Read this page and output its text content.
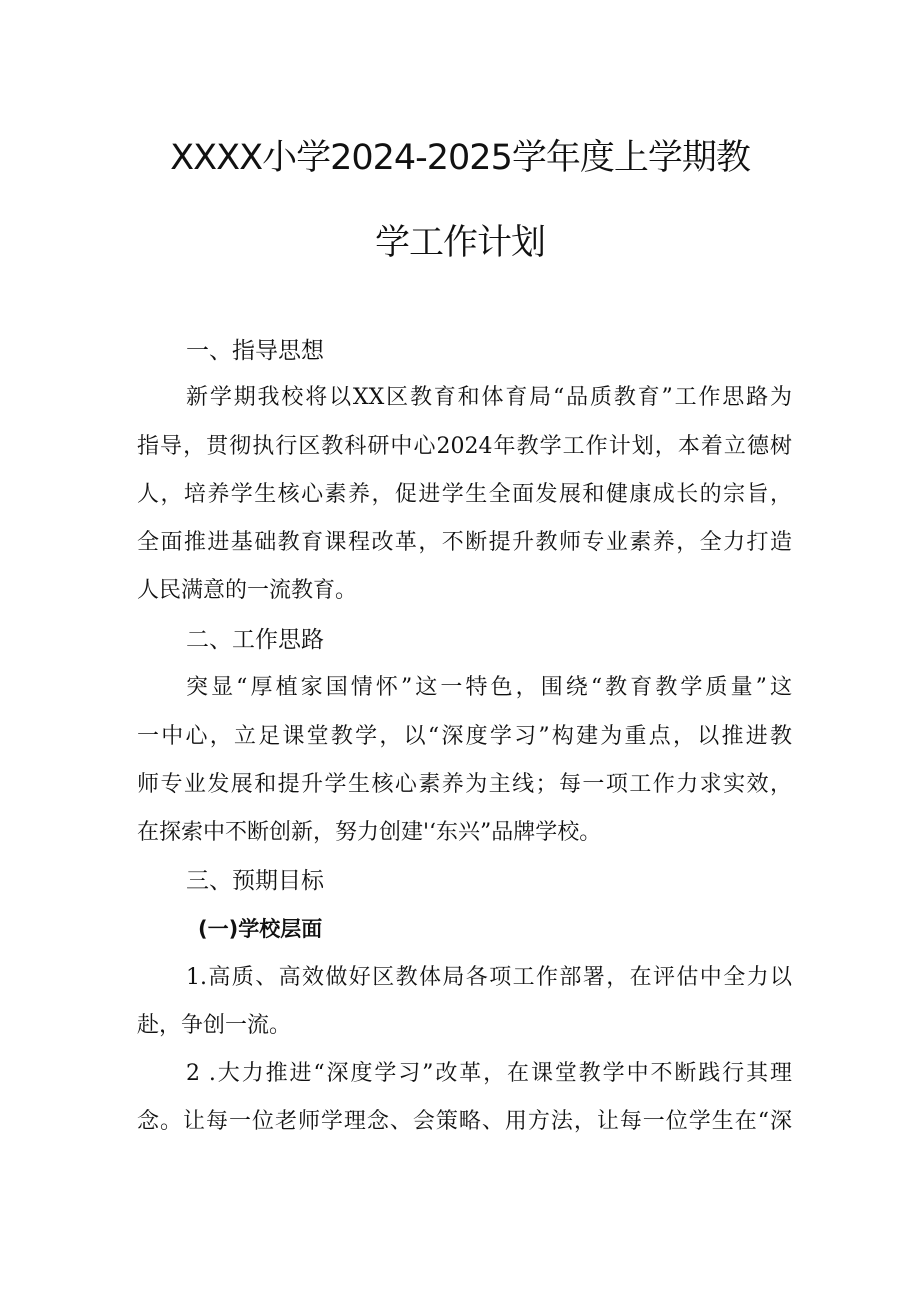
XXXX小学2024-2025学年度上学期教
学工作计划
一、指导思想
新学期我校将以XX区教育和体育局“品质教育”工作思路为
指导，贯彻执行区教科研中心2024年教学工作计划，本着立德树
人，培养学生核心素养，促进学生全面发展和健康成长的宗旨，
全面推进基础教育课程改革，不断提升教师专业素养，全力打造
人民满意的一流教育。
二、工作思路
突显“厚植家国情怀”这一特色，围绕“教育教学质量”这
一中心，立足课堂教学，以“深度学习”构建为重点，以推进教
师专业发展和提升学生核心素养为主线；每一项工作力求实效，
在探索中不断创新，努力创建'‘东兴”品牌学校。
三、预期目标
(一)学校层面
1.高质、高效做好区教体局各项工作部署，在评估中全力以
赴，争创一流。
2 .大力推进“深度学习”改革，在课堂教学中不断践行其理
念。让每一位老师学理念、会策略、用方法，让每一位学生在“深
